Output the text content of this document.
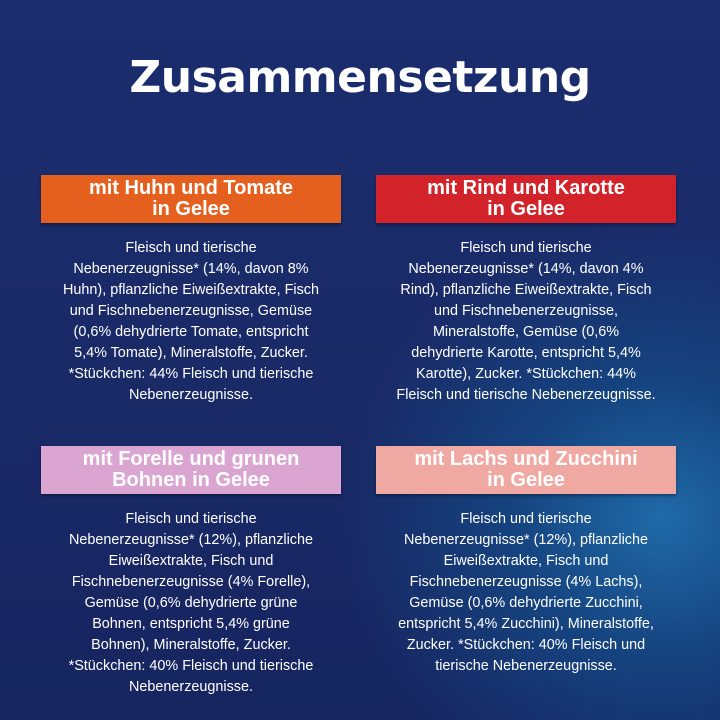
Zusammensetzung
mit Huhn und Tomate
in Gelee
Fleisch und tierische
Nebenerzeugnisse* (14%, davon 8%
Huhn), pflanzliche Eiweißextrakte, Fisch
und Fischnebenerzeugnisse, Gemüse
(0,6% dehydrierte Tomate, entspricht
5,4% Tomate), Mineralstoffe, Zucker.
*Stückchen: 44% Fleisch und tierische
Nebenerzeugnisse.
mit Rind und Karotte
in Gelee
Fleisch und tierische
Nebenerzeugnisse* (14%, davon 4%
Rind), pflanzliche Eiweißextrakte, Fisch
und Fischnebenerzeugnisse,
Mineralstoffe, Gemüse (0,6%
dehydrierte Karotte, entspricht 5,4%
Karotte), Zucker. *Stückchen: 44%
Fleisch und tierische Nebenerzeugnisse.
mit Forelle und grunen
Bohnen in Gelee
Fleisch und tierische
Nebenerzeugnisse* (12%), pflanzliche
Eiweißextrakte, Fisch und
Fischnebenerzeugnisse (4% Forelle),
Gemüse (0,6% dehydrierte grüne
Bohnen, entspricht 5,4% grüne
Bohnen), Mineralstoffe, Zucker.
*Stückchen: 40% Fleisch und tierische
Nebenerzeugnisse.
mit Lachs und Zucchini
in Gelee
Fleisch und tierische
Nebenerzeugnisse* (12%), pflanzliche
Eiweißextrakte, Fisch und
Fischnebenerzeugnisse (4% Lachs),
Gemüse (0,6% dehydrierte Zucchini,
entspricht 5,4% Zucchini), Mineralstoffe,
Zucker. *Stückchen: 40% Fleisch und
tierische Nebenerzeugnisse.
